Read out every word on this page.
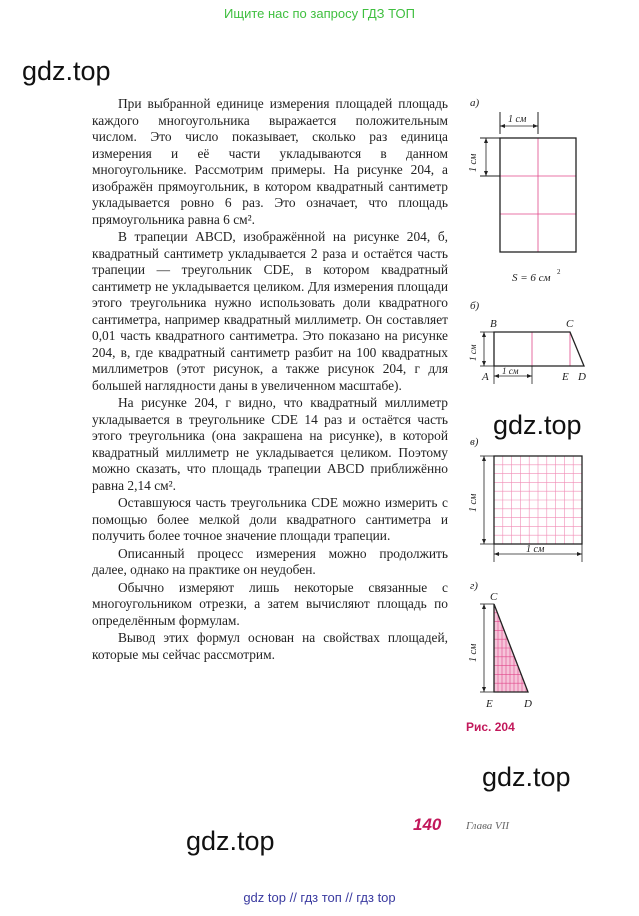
Ищите нас по запросу ГДЗ ТОП
gdz.top
gdz.top
gdz.top
gdz.top

При выбранной единице измерения площадей площадь каждого многоугольника выражается положительным числом. Это число показывает, сколько раз единица измерения и её части укладываются в данном многоугольнике. Рассмотрим примеры. На рисунке 204, а изображён прямоугольник, в котором квадратный сантиметр укладывается ровно 6 раз. Это означает, что площадь прямоугольника равна 6 см².

В трапеции ABCD, изображённой на рисунке 204, б, квадратный сантиметр укладывается 2 раза и остаётся часть трапеции — треугольник CDE, в котором квадратный сантиметр не укладывается целиком. Для измерения площади этого треугольника нужно использовать доли квадратного сантиметра, например квадратный миллиметр. Он составляет 0,01 часть квадратного сантиметра. Это показано на рисунке 204, в, где квадратный сантиметр разбит на 100 квадратных миллиметров (этот рисунок, а также рисунок 204, г для большей наглядности даны в увеличенном масштабе).

На рисунке 204, г видно, что квадратный миллиметр укладывается в треугольнике CDE 14 раз и остаётся часть этого треугольника (она закрашена на рисунке), в которой квадратный миллиметр не укладывается целиком. Поэтому можно сказать, что площадь трапеции ABCD приближённо равна 2,14 см².

Оставшуюся часть треугольника CDE можно измерить с помощью более мелкой доли квадратного сантиметра и получить более точное значение площади трапеции.

Описанный процесс измерения можно продолжить далее, однако на практике он неудобен.

Обычно измеряют лишь некоторые связанные с многоугольником отрезки, а затем вычисляют площадь по определённым формулам.

Вывод этих формул основан на свойствах площадей, которые мы сейчас рассмотрим.

а)
1 см
1 см
S = 6 см 2
б)
1 см
1 см
B	C
A	E D
в)
1 см
1 см
г)
1 см
C
E	D
Рис. 204
140 Глава VII
gdz top // гдз топ // гдз top
